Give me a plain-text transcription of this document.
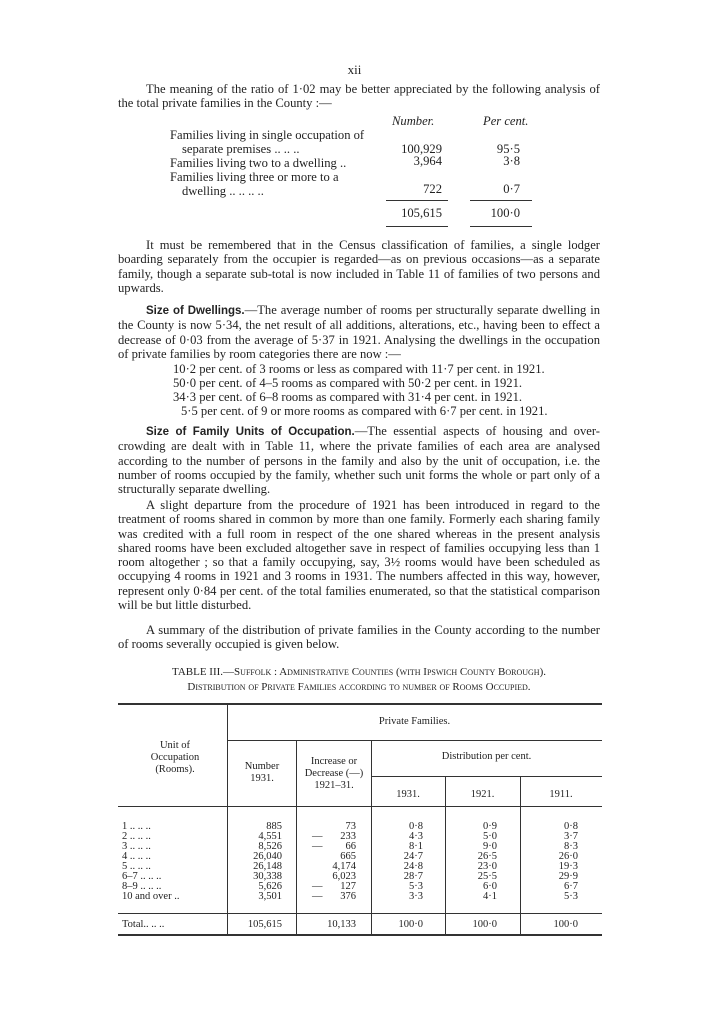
xii
The meaning of the ratio of 1·02 may be better appreciated by the following analysis of the total private families in the County :—
Number.	Per cent.
Families living in single occupation of
separate premises .. .. ..	100,929	95·5
Families living two to a dwelling ..	3,964	3·8
Families living three or more to a
dwelling .. .. .. ..	722	0·7
105,615	100·0
It must be remembered that in the Census classification of families, a single lodger boarding separately from the occupier is regarded—as on previous occasions—as a separate family, though a separate sub-total is now included in Table 11 of families of two persons and upwards.
Size of Dwellings.—The average number of rooms per structurally separate dwelling in the County is now 5·34, the net result of all additions, alterations, etc., having been to effect a decrease of 0·03 from the average of 5·37 in 1921. Analysing the dwellings in the occupation of private families by room categories there are now :—
10·2 per cent. of 3 rooms or less as compared with 11·7 per cent. in 1921.
50·0 per cent. of 4–5 rooms as compared with 50·2 per cent. in 1921.
34·3 per cent. of 6–8 rooms as compared with 31·4 per cent. in 1921.
5·5 per cent. of 9 or more rooms as compared with 6·7 per cent. in 1921.
Size of Family Units of Occupation.—The essential aspects of housing and over-crowding are dealt with in Table 11, where the private families of each area are analysed according to the number of persons in the family and also by the unit of occupation, i.e. the number of rooms occupied by the family, whether such unit forms the whole or part only of a structurally separate dwelling.
A slight departure from the procedure of 1921 has been introduced in regard to the treatment of rooms shared in common by more than one family. Formerly each sharing family was credited with a full room in respect of the one shared whereas in the present analysis shared rooms have been excluded altogether save in respect of families occupying less than 1 room altogether ; so that a family occupying, say, 3½ rooms would have been scheduled as occupying 4 rooms in 1921 and 3 rooms in 1931. The numbers affected in this way, however, represent only 0·84 per cent. of the total families enumerated, so that the statistical comparison will be but little disturbed.
A summary of the distribution of private families in the County according to the number of rooms severally occupied is given below.
TABLE III.—Suffolk : Administrative Counties (with Ipswich County Borough).
Distribution of Private Families according to number of Rooms Occupied.
Unit of Occupation (Rooms).
Private Families.
Number 1931.
Increase or Decrease (—) 1921–31.
Distribution per cent.
1931.	1921.	1911.
1 .. .. ..	885	73	0·8	0·9	0·8
2 .. .. ..	4,551	—	233	4·3	5·0	3·7
3 .. .. ..	8,526	—	66	8·1	9·0	8·3
4 .. .. ..	26,040	665	24·7	26·5	26·0
5 .. .. ..	26,148	4,174	24·8	23·0	19·3
6–7 .. .. ..	30,338	6,023	28·7	25·5	29·9
8–9 .. .. ..	5,626	—	127	5·3	6·0	6·7
10 and over ..	3,501	—	376	3·3	4·1	5·3
Total.. .. ..	105,615	10,133	100·0	100·0	100·0
